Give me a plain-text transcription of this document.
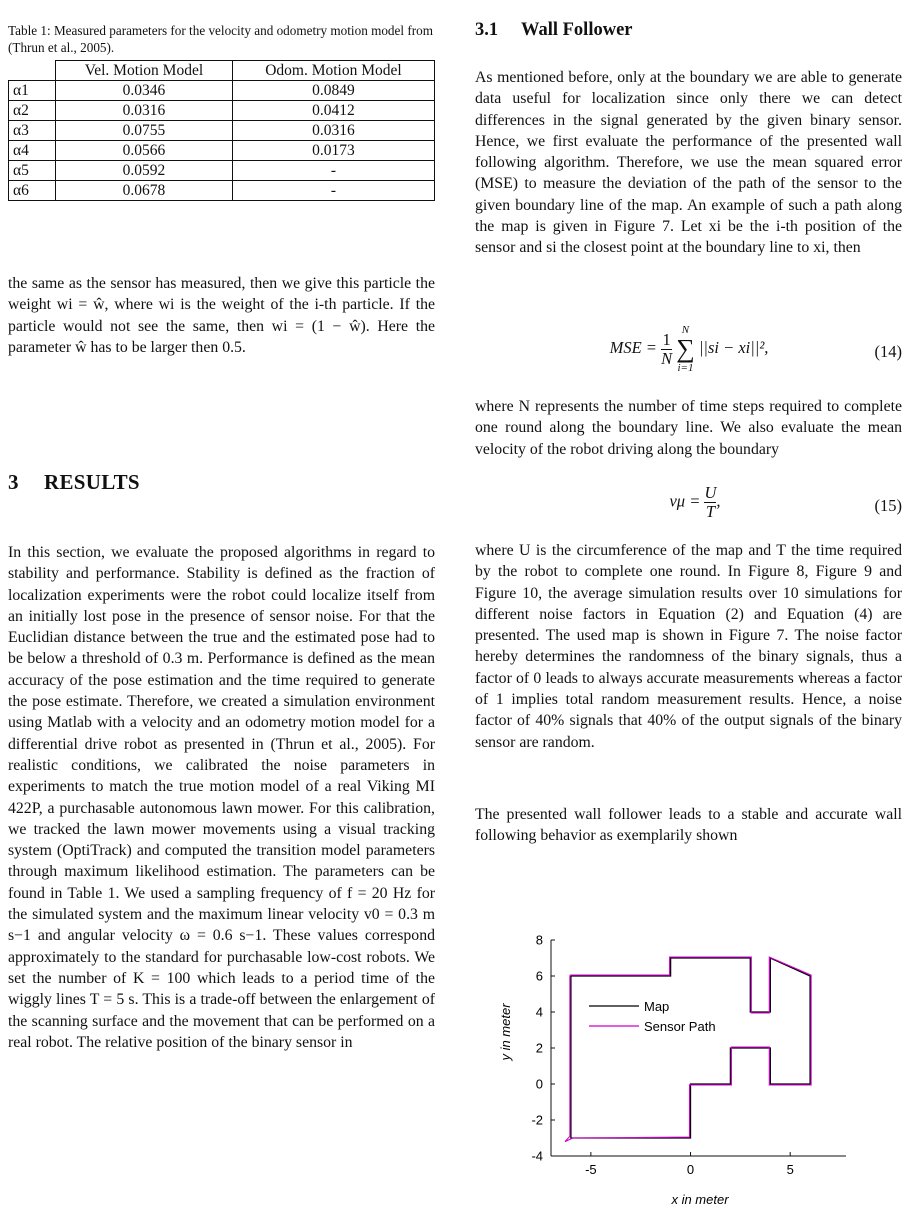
Table 1: Measured parameters for the velocity and odometry motion model from (Thrun et al., 2005).
	Vel. Motion Model	Odom. Motion Model
α1	0.0346	0.0849
α2	0.0316	0.0412
α3	0.0755	0.0316
α4	0.0566	0.0173
α5	0.0592	-
α6	0.0678	-

the same as the sensor has measured, then we give this particle the weight wi = ŵ, where wi is the weight of the i-th particle. If the particle would not see the same, then wi = (1 − ŵ). Here the parameter ŵ has to be larger then 0.5.

3 RESULTS

In this section, we evaluate the proposed algorithms in regard to stability and performance. Stability is defined as the fraction of localization experiments were the robot could localize itself from an initially lost pose in the presence of sensor noise. For that the Euclidian distance between the true and the estimated pose had to be below a threshold of 0.3 m. Performance is defined as the mean accuracy of the pose estimation and the time required to generate the pose estimate. Therefore, we created a simulation environment using Matlab with a velocity and an odometry motion model for a differential drive robot as presented in (Thrun et al., 2005). For realistic conditions, we calibrated the noise parameters in experiments to match the true motion model of a real Viking MI 422P, a purchasable autonomous lawn mower. For this calibration, we tracked the lawn mower movements using a visual tracking system (OptiTrack) and computed the transition model parameters through maximum likelihood estimation. The parameters can be found in Table 1. We used a sampling frequency of f = 20 Hz for the simulated system and the maximum linear velocity v0 = 0.3 m s−1 and angular velocity ω = 0.6 s−1. These values correspond approximately to the standard for purchasable low-cost robots. We set the number of K = 100 which leads to a period time of the wiggly lines T = 5 s. This is a trade-off between the enlargement of the scanning surface and the movement that can be performed on a real robot. The relative position of the binary sensor in

3.1 Wall Follower

As mentioned before, only at the boundary we are able to generate data useful for localization since only there we can detect differences in the signal generated by the given binary sensor. Hence, we first evaluate the performance of the presented wall following algorithm. Therefore, we use the mean squared error (MSE) to measure the deviation of the path of the sensor to the given boundary line of the map. An example of such a path along the map is given in Figure 7. Let xi be the i-th position of the sensor and si the closest point at the boundary line to xi, then

MSE = $\frac{1}{N}$

N
∑
i=1
||si − xi||²,	(14)

where N represents the number of time steps required to complete one round along the boundary line. We also evaluate the mean velocity of the robot driving along the boundary

$v\mu = \frac{U}{T}$ ,	(15)

where U is the circumference of the map and T the time required by the robot to complete one round. In Figure 8, Figure 9 and Figure 10, the average simulation results over 10 simulations for different noise factors in Equation (2) and Equation (4) are presented. The used map is shown in Figure 7. The noise factor hereby determines the randomness of the binary signals, thus a factor of 0 leads to always accurate measurements whereas a factor of 1 implies total random measurement results. Hence, a noise factor of 40% signals that 40% of the output signals of the binary sensor are random.

The presented wall follower leads to a stable and accurate wall following behavior as exemplarily shown

-5	0	5
-4
-2
0
2
4
6
8
Map
Sensor Path
x in meter
y in meter
